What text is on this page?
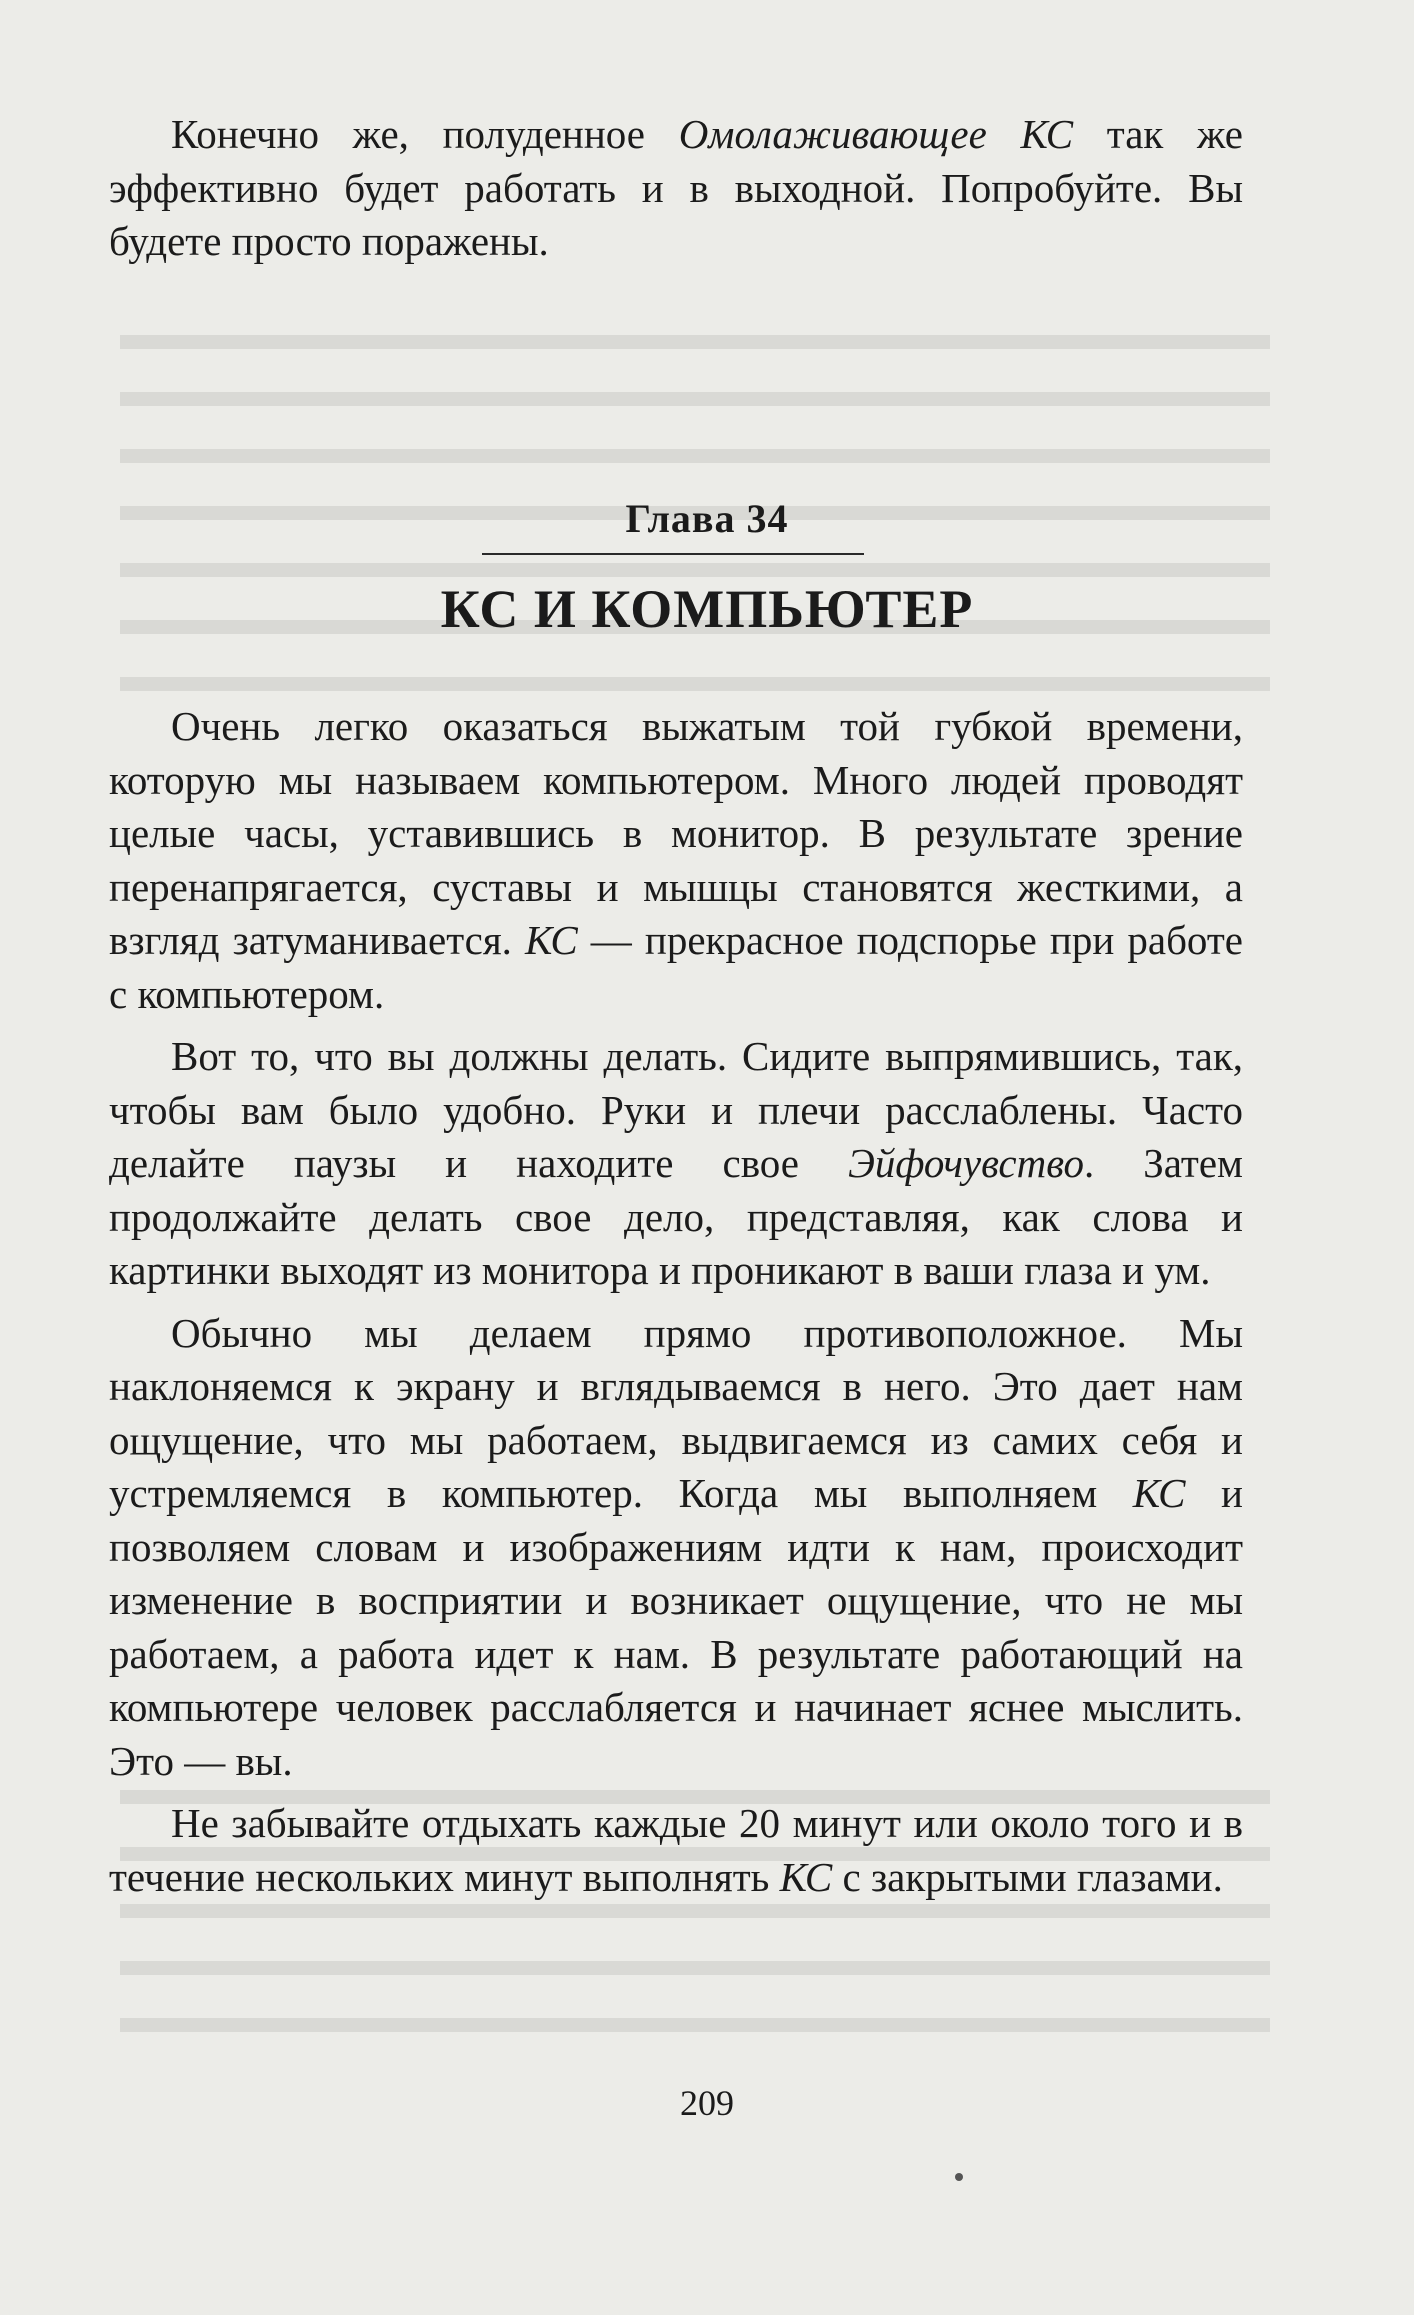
Конечно же, полуденное Омолаживающее КС так же эффективно будет работать и в выходной. Попробуйте. Вы будете просто поражены.

Глава 34
КС И КОМПЬЮТЕР

Очень легко оказаться выжатым той губкой времени, которую мы называем компьютером. Много людей проводят целые часы, уставившись в монитор. В результате зрение перенапрягается, суставы и мышцы становятся жесткими, а взгляд затуманивается. КС — прекрасное подспорье при работе с компьютером.

Вот то, что вы должны делать. Сидите выпрямившись, так, чтобы вам было удобно. Руки и плечи расслаблены. Часто делайте паузы и находите свое Эйфочувство. Затем продолжайте делать свое дело, представляя, как слова и картинки выходят из монитора и проникают в ваши глаза и ум.

Обычно мы делаем прямо противоположное. Мы наклоняемся к экрану и вглядываемся в него. Это дает нам ощущение, что мы работаем, выдвигаемся из самих себя и устремляемся в компьютер. Когда мы выполняем КС и позволяем словам и изображениям идти к нам, происходит изменение в восприятии и возникает ощущение, что не мы работаем, а работа идет к нам. В результате работающий на компьютере человек расслабляется и начинает яснее мыслить. Это — вы.

Не забывайте отдыхать каждые 20 минут или около того и в течение нескольких минут выполнять КС с закрытыми глазами.

209
